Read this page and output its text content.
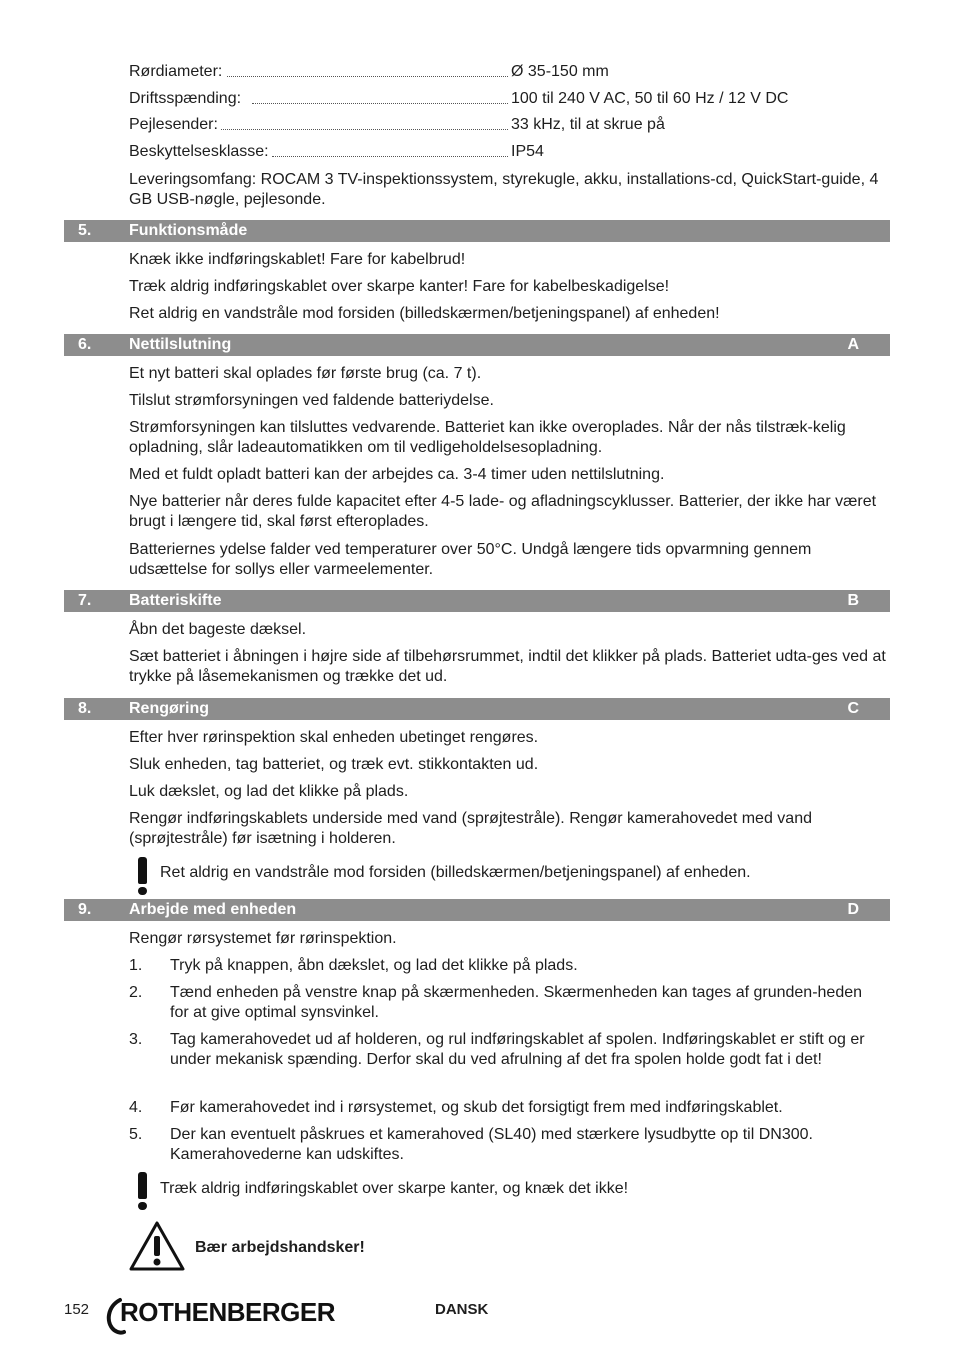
Rørdiameter:	Ø 35-150 mm
Driftsspænding:	100 til 240 V AC, 50 til 60 Hz / 12 V DC
Pejlesender:	33 kHz, til at skrue på
Beskyttelsesklasse:	IP54
Leveringsomfang: ROCAM 3 TV-inspektionssystem, styrekugle, akku, installations-cd, QuickStart-guide, 4 GB USB-nøgle, pejlesonde.
5. Funktionsmåde
Knæk ikke indføringskablet! Fare for kabelbrud!
Træk aldrig indføringskablet over skarpe kanter! Fare for kabelbeskadigelse!
Ret aldrig en vandstråle mod forsiden (billedskærmen/betjeningspanel) af enheden!
6. Nettilslutning	A
Et nyt batteri skal oplades før første brug (ca. 7 t).
Tilslut strømforsyningen ved faldende batteriydelse.
Strømforsyningen kan tilsluttes vedvarende. Batteriet kan ikke overoplades. Når der nås tilstræk-kelig opladning, slår ladeautomatikken om til vedligeholdelsesopladning.
Med et fuldt opladt batteri kan der arbejdes ca. 3-4 timer uden nettilslutning.
Nye batterier når deres fulde kapacitet efter 4-5 lade- og afladningscyklusser. Batterier, der ikke har været brugt i længere tid, skal først efteroplades.
Batteriernes ydelse falder ved temperaturer over 50°C. Undgå længere tids opvarmning gennem udsættelse for sollys eller varmeelementer.
7. Batteriskifte	B
Åbn det bageste dæksel.
Sæt batteriet i åbningen i højre side af tilbehørsrummet, indtil det klikker på plads. Batteriet udta-ges ved at trykke på låsemekanismen og trække det ud.
8. Rengøring	C
Efter hver rørinspektion skal enheden ubetinget rengøres.
Sluk enheden, tag batteriet, og træk evt. stikkontakten ud.
Luk dækslet, og lad det klikke på plads.
Rengør indføringskablets underside med vand (sprøjtestråle). Rengør kamerahovedet med vand (sprøjtestråle) før isætning i holderen.
Ret aldrig en vandstråle mod forsiden (billedskærmen/betjeningspanel) af enheden.
9. Arbejde med enheden	D
Rengør rørsystemet før rørinspektion.
1. Tryk på knappen, åbn dækslet, og lad det klikke på plads.
2. Tænd enheden på venstre knap på skærmenheden. Skærmenheden kan tages af grunden-heden for at give optimal synsvinkel.
3. Tag kamerahovedet ud af holderen, og rul indføringskablet af spolen. Indføringskablet er stift og er under mekanisk spænding. Derfor skal du ved afrulning af det fra spolen holde godt fat i det!
4. Før kamerahovedet ind i rørsystemet, og skub det forsigtigt frem med indføringskablet.
5. Der kan eventuelt påskrues et kamerahoved (SL40) med stærkere lysudbytte op til DN300. Kamerahovederne kan udskiftes.
Træk aldrig indføringskablet over skarpe kanter, og knæk det ikke!
Bær arbejdshandsker!
152 ROTHENBERGER	DANSK
